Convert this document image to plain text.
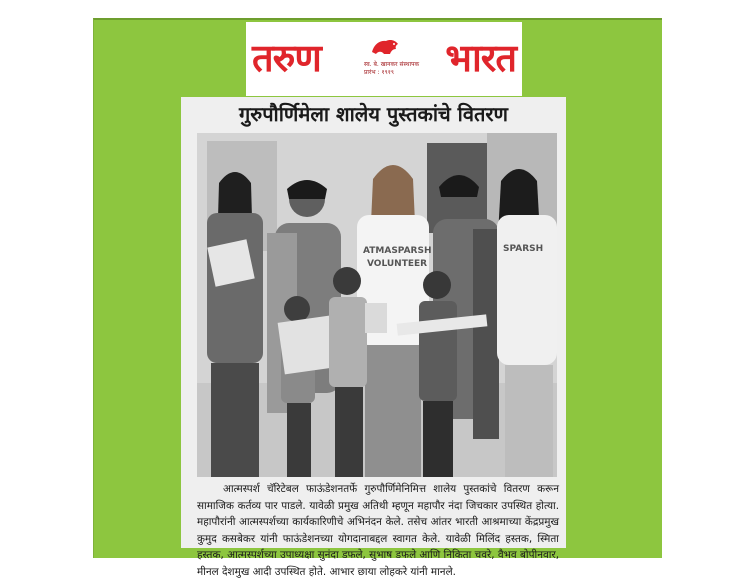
तरुण	स्व. बे. खानकर संस्थापक
प्रारंभ : १९१९ भारत
गुरुपौर्णिमेला शालेय पुस्तकांचे वितरण
ATMASPARSH
VOLUNTEER
SPARSH

आत्मस्पर्श चॅरिटेबल फाऊंडेशनतर्फे गुरुपौर्णिमेनिमित्त शालेय पुस्तकांचे वितरण करून सामाजिक कर्तव्य पार पाडले. यावेळी प्रमुख अतिथी म्हणून महापौर नंदा जिचकार उपस्थित होत्या. महापौरांनी आत्मस्पर्शच्या कार्यकारिणीचे अभिनंदन केले. तसेच आंतर भारती आश्रमाच्या केंद्रप्रमुख कुमुद कसबेकर यांनी फाऊंडेशनच्या योगदानाबद्दल स्वागत केले. यावेळी मिलिंद हस्तक, स्मिता हस्तक, आत्मस्पर्शच्या उपाध्यक्षा सुनंदा डफले, सुभाष डफले आणि निकिता चवरे, वैभव बोपीनवार, मीनल देशमुख आदी उपस्थित होते. आभार छाया लोहकरे यांनी मानले.
